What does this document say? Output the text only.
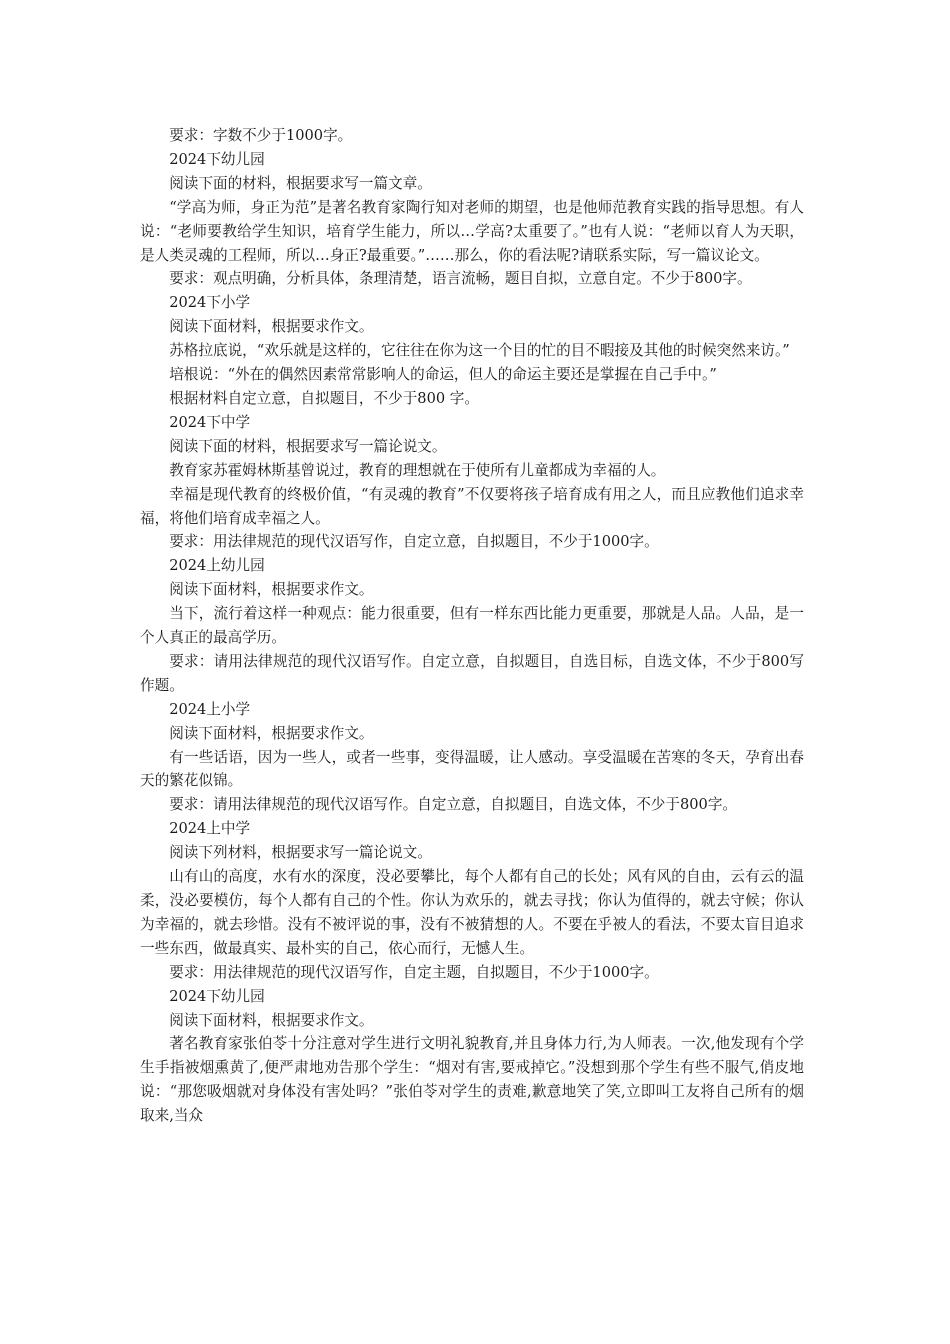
要求：字数不少于1000字。

2024下幼儿园

阅读下面的材料，根据要求写一篇文章。

“学高为师，身正为范”是著名教育家陶行知对老师的期望，也是他师范教育实践的指导思想。有人说：“老师要教给学生知识，培育学生能力，所以…学高?太重要了。”也有人说：“老师以育人为天职，是人类灵魂的工程师，所以…身正?最重要。”……那么，你的看法呢?请联系实际，写一篇议论文。

要求：观点明确，分析具体，条理清楚，语言流畅，题目自拟，立意自定。不少于800字。

2024下小学

阅读下面材料，根据要求作文。

苏格拉底说，“欢乐就是这样的，它往往在你为这一个目的忙的目不暇接及其他的时候突然来访。”

培根说：“外在的偶然因素常常影响人的命运，但人的命运主要还是掌握在自己手中。”

根据材料自定立意，自拟题目，不少于800 字。

2024下中学

阅读下面的材料，根据要求写一篇论说文。

教育家苏霍姆林斯基曾说过，教育的理想就在于使所有儿童都成为幸福的人。

幸福是现代教育的终极价值，“有灵魂的教育”不仅要将孩子培育成有用之人，而且应教他们追求幸福，将他们培育成幸福之人。

要求：用法律规范的现代汉语写作，自定立意，自拟题目，不少于1000字。

2024上幼儿园

阅读下面材料，根据要求作文。

当下，流行着这样一种观点：能力很重要，但有一样东西比能力更重要，那就是人品。人品，是一个人真正的最高学历。

要求：请用法律规范的现代汉语写作。自定立意，自拟题目，自选目标，自选文体，不少于800写作题。

2024上小学

阅读下面材料，根据要求作文。

有一些话语，因为一些人，或者一些事，变得温暖，让人感动。享受温暖在苦寒的冬天，孕育出春天的繁花似锦。

要求：请用法律规范的现代汉语写作。自定立意，自拟题目，自选文体，不少于800字。

2024上中学

阅读下列材料，根据要求写一篇论说文。

山有山的高度，水有水的深度，没必要攀比，每个人都有自己的长处；风有风的自由，云有云的温柔，没必要模仿，每个人都有自己的个性。你认为欢乐的，就去寻找；你认为值得的，就去守候；你认为幸福的，就去珍惜。没有不被评说的事，没有不被猜想的人。不要在乎被人的看法，不要太盲目追求一些东西，做最真实、最朴实的自己，依心而行，无憾人生。

要求：用法律规范的现代汉语写作，自定主题，自拟题目，不少于1000字。

2024下幼儿园

阅读下面材料，根据要求作文。

著名教育家张伯苓十分注意对学生进行文明礼貌教育,并且身体力行,为人师表。一次,他发现有个学生手指被烟熏黄了,便严肃地劝告那个学生：“烟对有害,要戒掉它。”没想到那个学生有些不服气,俏皮地说：“那您吸烟就对身体没有害处吗？”张伯苓对学生的责难,歉意地笑了笑,立即叫工友将自己所有的烟取来,当众
